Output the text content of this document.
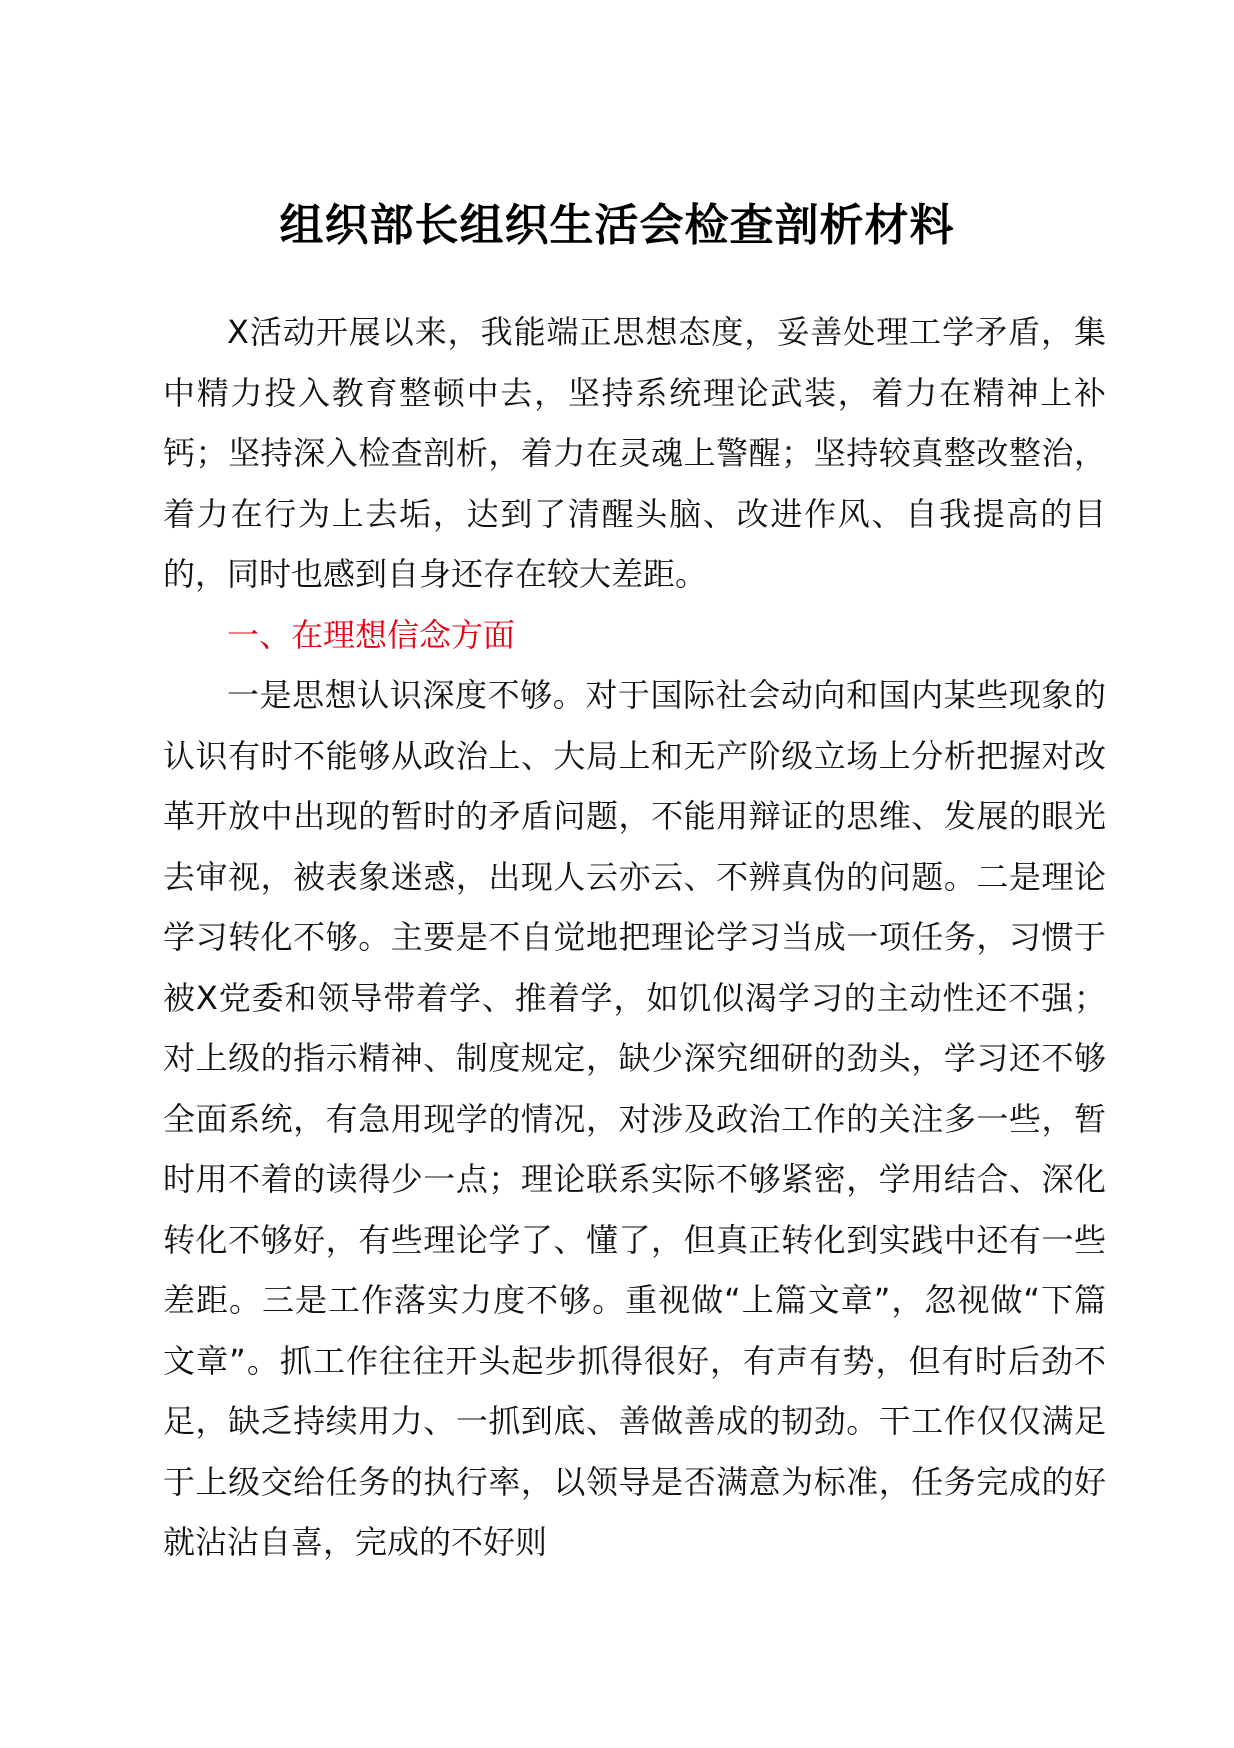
组织部长组织生活会检查剖析材料

X活动开展以来，我能端正思想态度，妥善处理工学矛盾，集中精力投入教育整顿中去，坚持系统理论武装，着力在精神上补钙；坚持深入检查剖析，着力在灵魂上警醒；坚持较真整改整治，着力在行为上去垢，达到了清醒头脑、改进作风、自我提高的目的，同时也感到自身还存在较大差距。

一、在理想信念方面

一是思想认识深度不够。对于国际社会动向和国内某些现象的认识有时不能够从政治上、大局上和无产阶级立场上分析把握对改革开放中出现的暂时的矛盾问题，不能用辩证的思维、发展的眼光去审视，被表象迷惑，出现人云亦云、不辨真伪的问题。二是理论学习转化不够。主要是不自觉地把理论学习当成一项任务，习惯于被X党委和领导带着学、推着学，如饥似渴学习的主动性还不强；对上级的指示精神、制度规定，缺少深究细研的劲头，学习还不够全面系统，有急用现学的情况，对涉及政治工作的关注多一些，暂时用不着的读得少一点；理论联系实际不够紧密，学用结合、深化转化不够好，有些理论学了、懂了，但真正转化到实践中还有一些差距。三是工作落实力度不够。重视做“上篇文章”，忽视做“下篇文章”。抓工作往往开头起步抓得很好，有声有势，但有时后劲不足，缺乏持续用力、一抓到底、善做善成的韧劲。干工作仅仅满足于上级交给任务的执行率，以领导是否满意为标准，任务完成的好就沾沾自喜，完成的不好则
